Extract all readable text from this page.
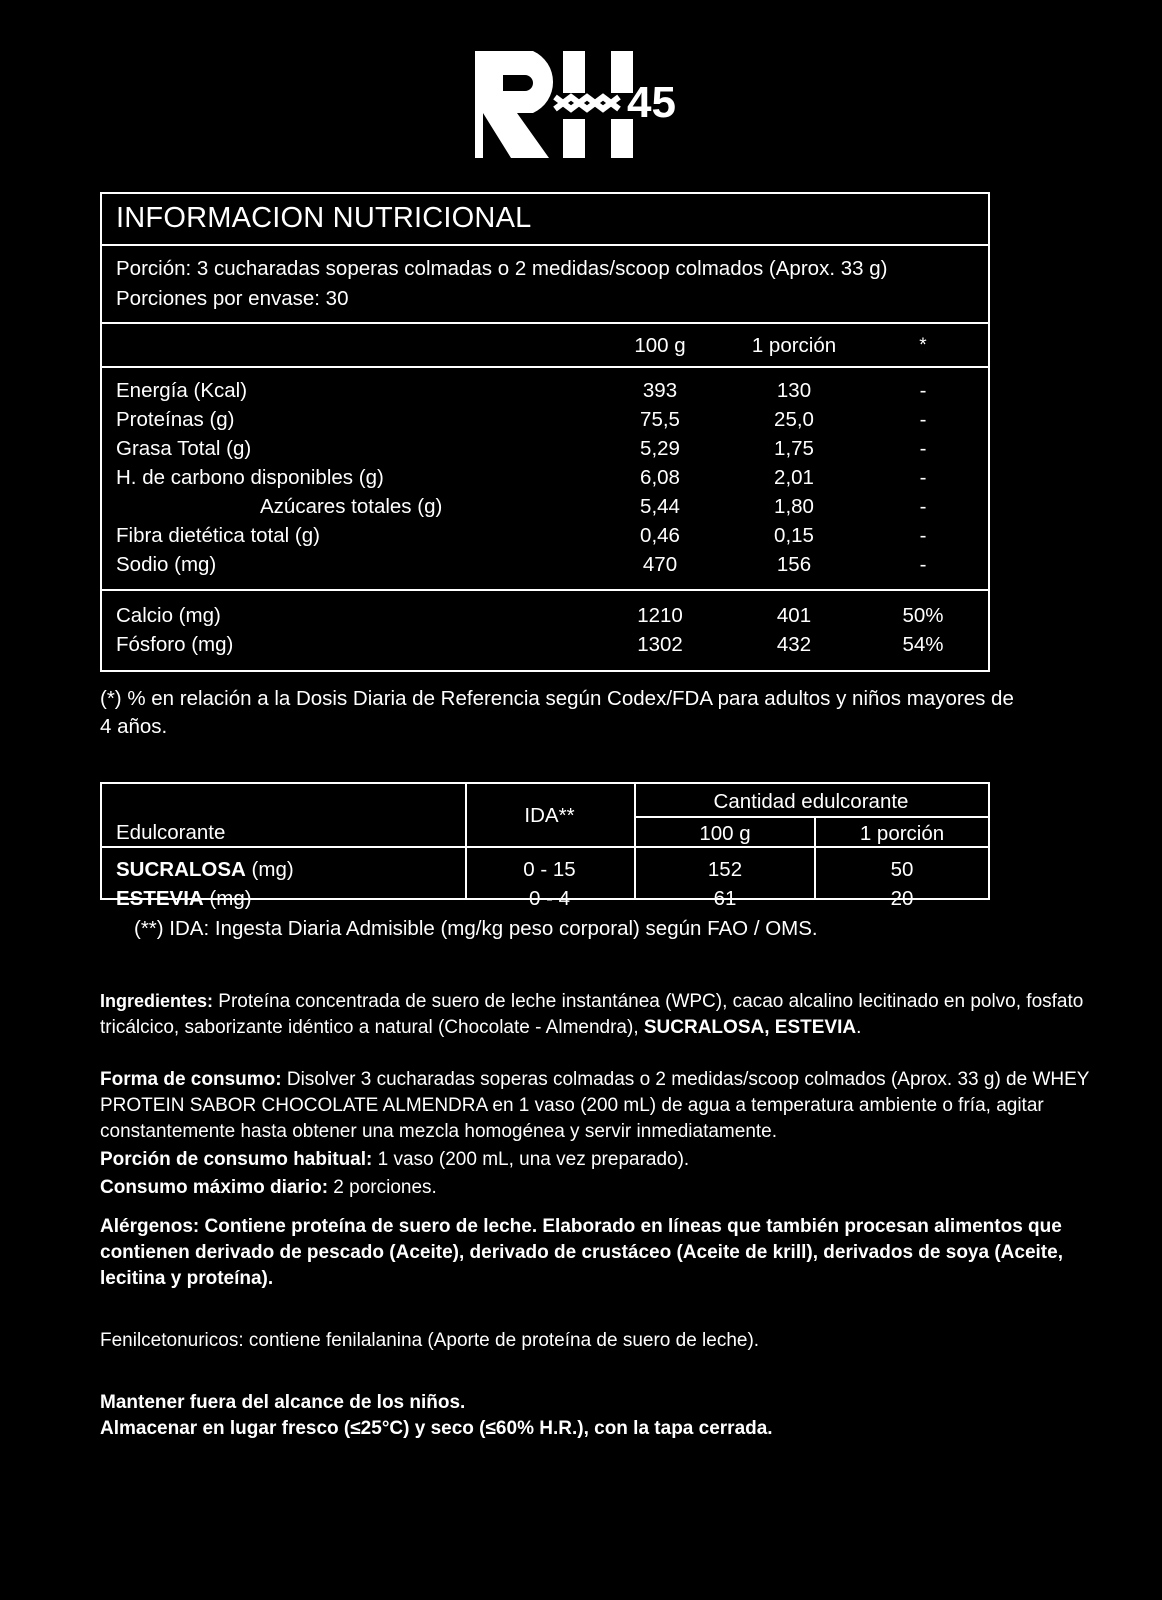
45
INFORMACION NUTRICIONAL
Porción: 3 cucharadas soperas colmadas o 2 medidas/scoop colmados (Aprox. 33 g)
Porciones por envase: 30
100 g	1 porción	*
Energía (Kcal)	393	130	-
Proteínas (g)	75,5	25,0	-
Grasa Total (g)	5,29	1,75	-
H. de carbono disponibles (g)	6,08	2,01	-
Azúcares totales (g)	5,44	1,80	-
Fibra dietética total (g)	0,46	0,15	-
Sodio (mg)	470	156	-
Calcio (mg)	1210	401	50%
Fósforo (mg)	1302	432	54%
(*) % en relación a la Dosis Diaria de Referencia según Codex/FDA para adultos y niños mayores de 4 años.
Edulcorante
IDA**
Cantidad edulcorante
100 g	1 porción
SUCRALOSA (mg)	0 - 15	152	50
ESTEVIA (mg)	0 - 4	61	20
(**) IDA: Ingesta Diaria Admisible (mg/kg peso corporal) según FAO / OMS.
Ingredientes: Proteína concentrada de suero de leche instantánea (WPC), cacao alcalino lecitinado en polvo, fosfato tricálcico, saborizante idéntico a natural (Chocolate - Almendra), SUCRALOSA, ESTEVIA.
Forma de consumo: Disolver 3 cucharadas soperas colmadas o 2 medidas/scoop colmados (Aprox. 33 g) de WHEY PROTEIN SABOR CHOCOLATE ALMENDRA en 1 vaso (200 mL) de agua a temperatura ambiente o fría, agitar constantemente hasta obtener una mezcla homogénea y servir inmediatamente.
Porción de consumo habitual: 1 vaso (200 mL, una vez preparado).
Consumo máximo diario: 2 porciones.
Alérgenos: Contiene proteína de suero de leche. Elaborado en líneas que también procesan alimentos que contienen derivado de pescado (Aceite), derivado de crustáceo (Aceite de krill), derivados de soya (Aceite, lecitina y proteína).
Fenilcetonuricos: contiene fenilalanina (Aporte de proteína de suero de leche).
Mantener fuera del alcance de los niños.
Almacenar en lugar fresco (≤25°C) y seco (≤60% H.R.), con la tapa cerrada.
